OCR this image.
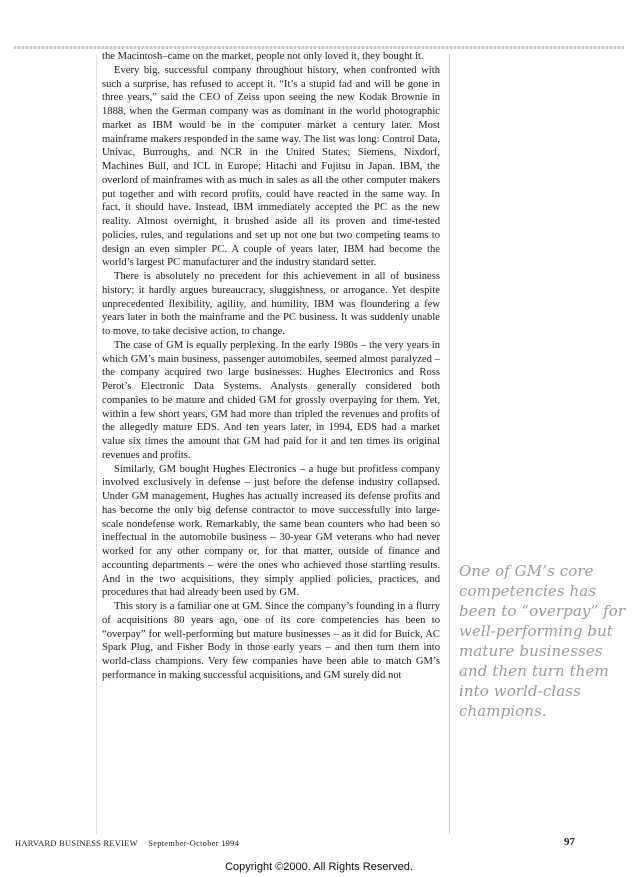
the Macintosh–came on the market, people not only loved it, they bought it.

Every big, successful company throughout history, when confronted with such a surprise, has refused to accept it. “It’s a stupid fad and will be gone in three years,” said the CEO of Zeiss upon seeing the new Kodak Brownie in 1888, when the German company was as dominant in the world photographic market as IBM would be in the computer market a century later. Most mainframe makers responded in the same way. The list was long: Control Data, Univac, Burroughs, and NCR in the United States; Siemens, Nixdorf, Machines Bull, and ICL in Europe; Hitachi and Fujitsu in Japan. IBM, the overlord of mainframes with as much in sales as all the other computer makers put together and with record profits, could have reacted in the same way. In fact, it should have. Instead, IBM immediately accepted the PC as the new reality. Almost overnight, it brushed aside all its proven and time-tested policies, rules, and regulations and set up not one but two competing teams to design an even simpler PC. A couple of years later, IBM had become the world’s largest PC manufacturer and the industry standard setter.

There is absolutely no precedent for this achievement in all of business history; it hardly argues bureaucracy, sluggishness, or arrogance. Yet despite unprecedented flexibility, agility, and humility, IBM was floundering a few years later in both the mainframe and the PC business. It was suddenly unable to move, to take decisive action, to change.

The case of GM is equally perplexing. In the early 1980s – the very years in which GM’s main business, passenger automobiles, seemed almost paralyzed – the company acquired two large businesses: Hughes Electronics and Ross Perot’s Electronic Data Systems. Analysts generally considered both companies to be mature and chided GM for grossly overpaying for them. Yet, within a few short years, GM had more than tripled the revenues and profits of the allegedly mature EDS. And ten years later, in 1994, EDS had a market value six times the amount that GM had paid for it and ten times its original revenues and profits.

Similarly, GM bought Hughes Electronics – a huge but profitless company involved exclusively in defense – just before the defense industry collapsed. Under GM management, Hughes has actually increased its defense profits and has become the only big defense contractor to move successfully into large-scale nondefense work. Remarkably, the same bean counters who had been so ineffectual in the automobile business – 30-year GM veterans who had never worked for any other company or, for that matter, outside of finance and accounting departments – were the ones who achieved those startling results. And in the two acquisitions, they simply applied policies, practices, and procedures that had already been used by GM.

This story is a familiar one at GM. Since the company’s founding in a flurry of acquisitions 80 years ago, one of its core competencies has been to “overpay” for well-performing but mature businesses – as it did for Buick, AC Spark Plug, and Fisher Body in those early years – and then turn them into world-class champions. Very few companies have been able to match GM’s performance in making successful acquisitions, and GM surely did not

One of GM’s core competencies has been to “overpay” for well-performing but mature businesses and then turn them into world-class champions.
HARVARD BUSINESS REVIEW September-October 1994	97
Copyright ©2000. All Rights Reserved.
